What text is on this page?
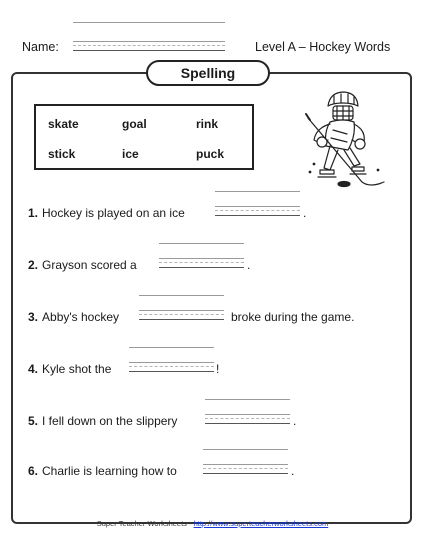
Name:	Level A – Hockey Words
Spelling
skate	goal	rink
stick	ice	puck
1. Hockey is played on an ice	.
2. Grayson scored a	.
3. Abby's hockey	broke during the game.
4. Kyle shot the	!
5. I fell down on the slippery	.
6. Charlie is learning how to	.
Super Teacher Worksheets - http://www.superteacherworksheets.com
